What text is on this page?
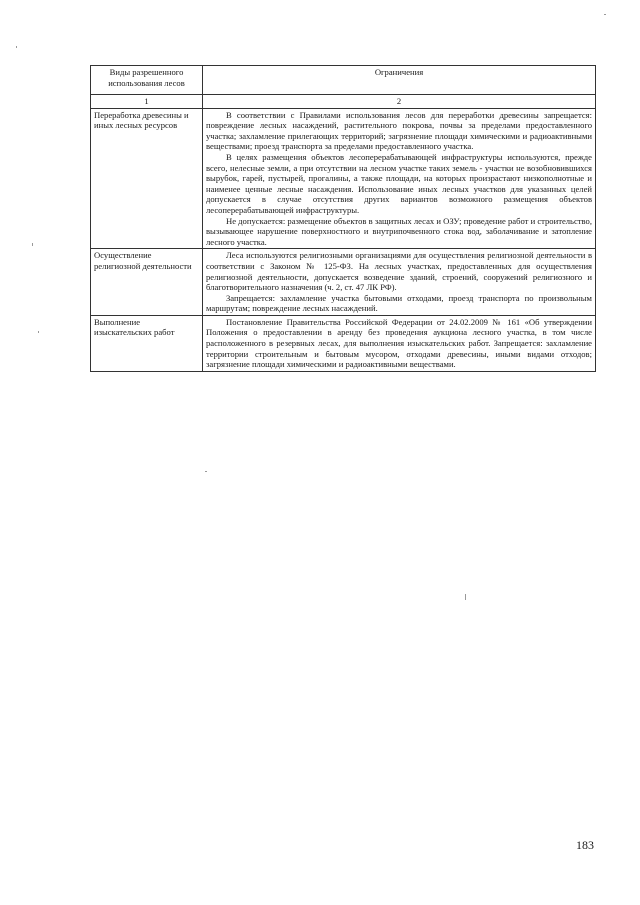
Виды разрешенного использования лесов	Ограничения
1	2

Переработка древесины и иных лесных ресурсов	В соответствии с Правилами использования лесов для переработки древесины запрещается: повреждение лесных насаждений, растительного покрова, почвы за пределами предоставленного участка; захламление прилегающих территорий; загрязнение площади химическими и радиоактивными веществами; проезд транспорта за пределами предоставленного участка.

В целях размещения объектов лесоперерабатывающей инфраструктуры используются, прежде всего, нелесные земли, а при отсутствии на лесном участке таких земель - участки не возобновившихся вырубок, гарей, пустырей, прогалины, а также площади, на которых произрастают низкополнотные и наименее ценные лесные насаждения. Использование иных лесных участков для указанных целей допускается в случае отсутствия других вариантов возможного размещения объектов лесоперерабатывающей инфраструктуры.

Не допускается: размещение объектов в защитных лесах и ОЗУ; проведение работ и строительство, вызывающее нарушение поверхностного и внутрипочвенного стока вод, заболачивание и затопление лесного участка.

Осуществление религиозной деятельности	Леса используются религиозными организациями для осуществления религиозной деятельности в соответствии с Законом № 125-ФЗ. На лесных участках, предоставленных для осуществления религиозной деятельности, допускается возведение зданий, строений, сооружений религиозного и благотворительного назначения (ч. 2, ст. 47 ЛК РФ).

Запрещается: захламление участка бытовыми отходами, проезд транспорта по произвольным маршрутам; повреждение лесных насаждений.

Выполнение изыскательских работ	Постановление Правительства Российской Федерации от 24.02.2009 № 161 «Об утверждении Положения о предоставлении в аренду без проведения аукциона лесного участка, в том числе расположенного в резервных лесах, для выполнения изыскательских работ. Запрещается: захламление территории строительным и бытовым мусором, отходами древесины, иными видами отходов; загрязнение площади химическими и радиоактивными веществами.

183
